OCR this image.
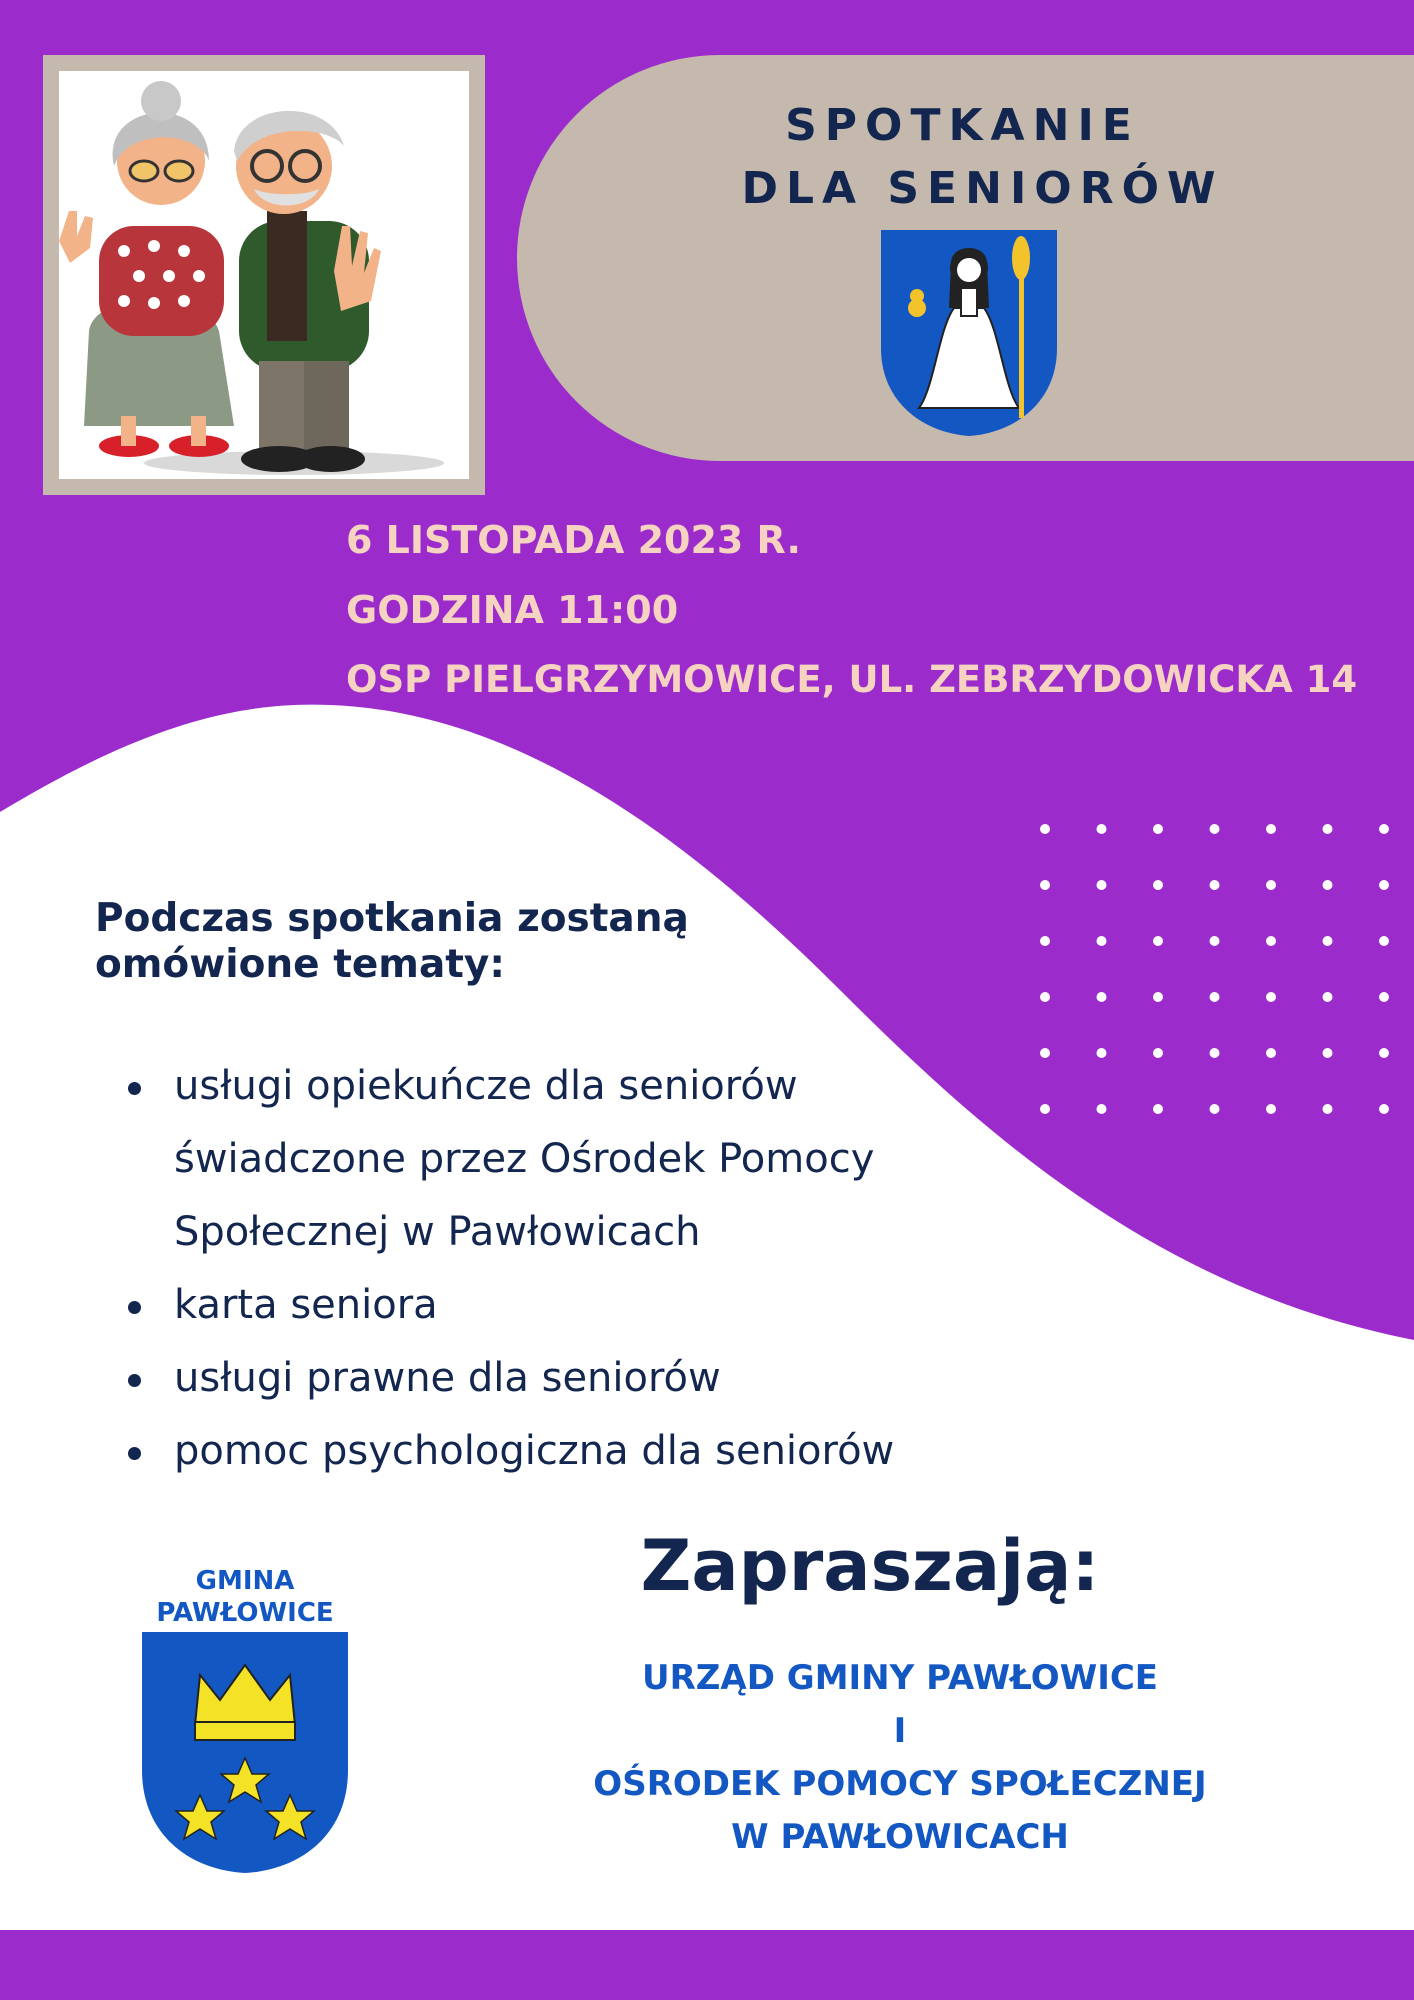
SPOTKANIE
DLA SENIORÓW
6 LISTOPADA 2023 R.
GODZINA 11:00
OSP PIELGRZYMOWICE, UL. ZEBRZYDOWICKA 14
Podczas spotkania zostaną omówione tematy:
usługi opiekuńcze dla seniorów świadczone przez Ośrodek Pomocy Społecznej w Pawłowicach
karta seniora
usługi prawne dla seniorów
pomoc psychologiczna dla seniorów
GMINA
PAWŁOWICE
Zapraszają:
URZĄD GMINY PAWŁOWICE
I
OŚRODEK POMOCY SPOŁECZNEJ
W PAWŁOWICACH
